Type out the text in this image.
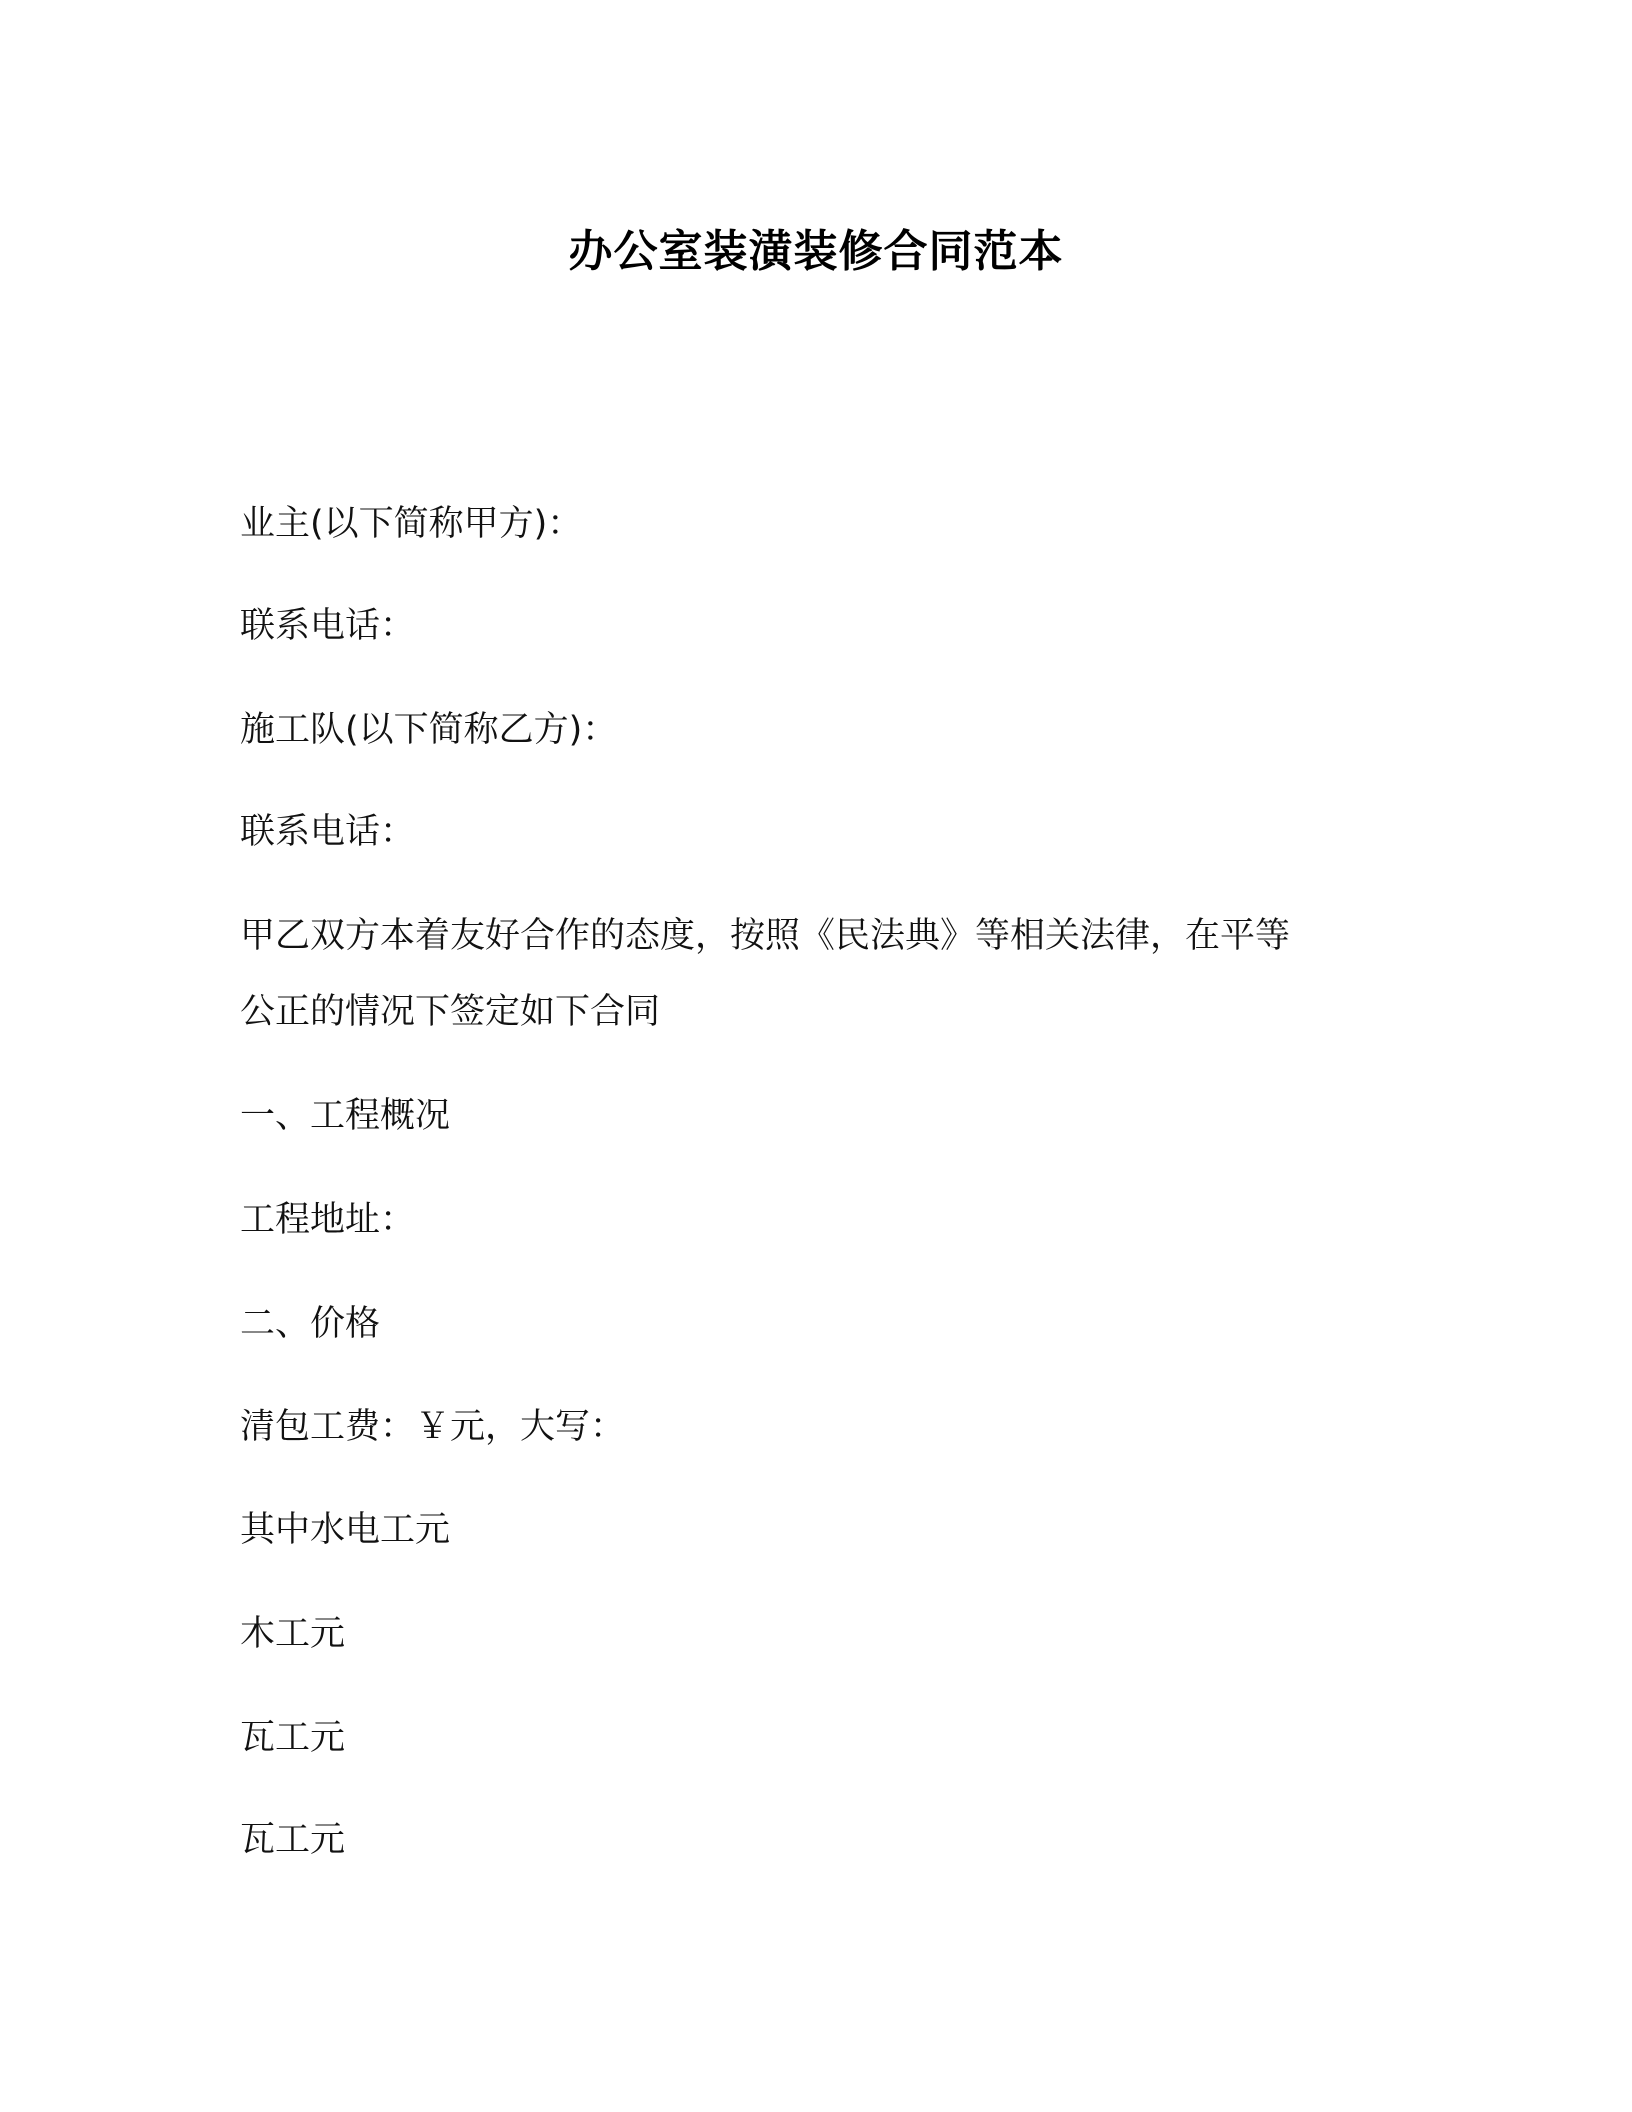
办公室装潢装修合同范本
业主(以下简称甲方)：
联系电话：
施工队(以下简称乙方)：
联系电话：
甲乙双方本着友好合作的态度，按照《民法典》等相关法律，在平等
公正的情况下签定如下合同
一、工程概况
工程地址：
二、价格
清包工费：￥元，大写：
其中水电工元
木工元
瓦工元
瓦工元
